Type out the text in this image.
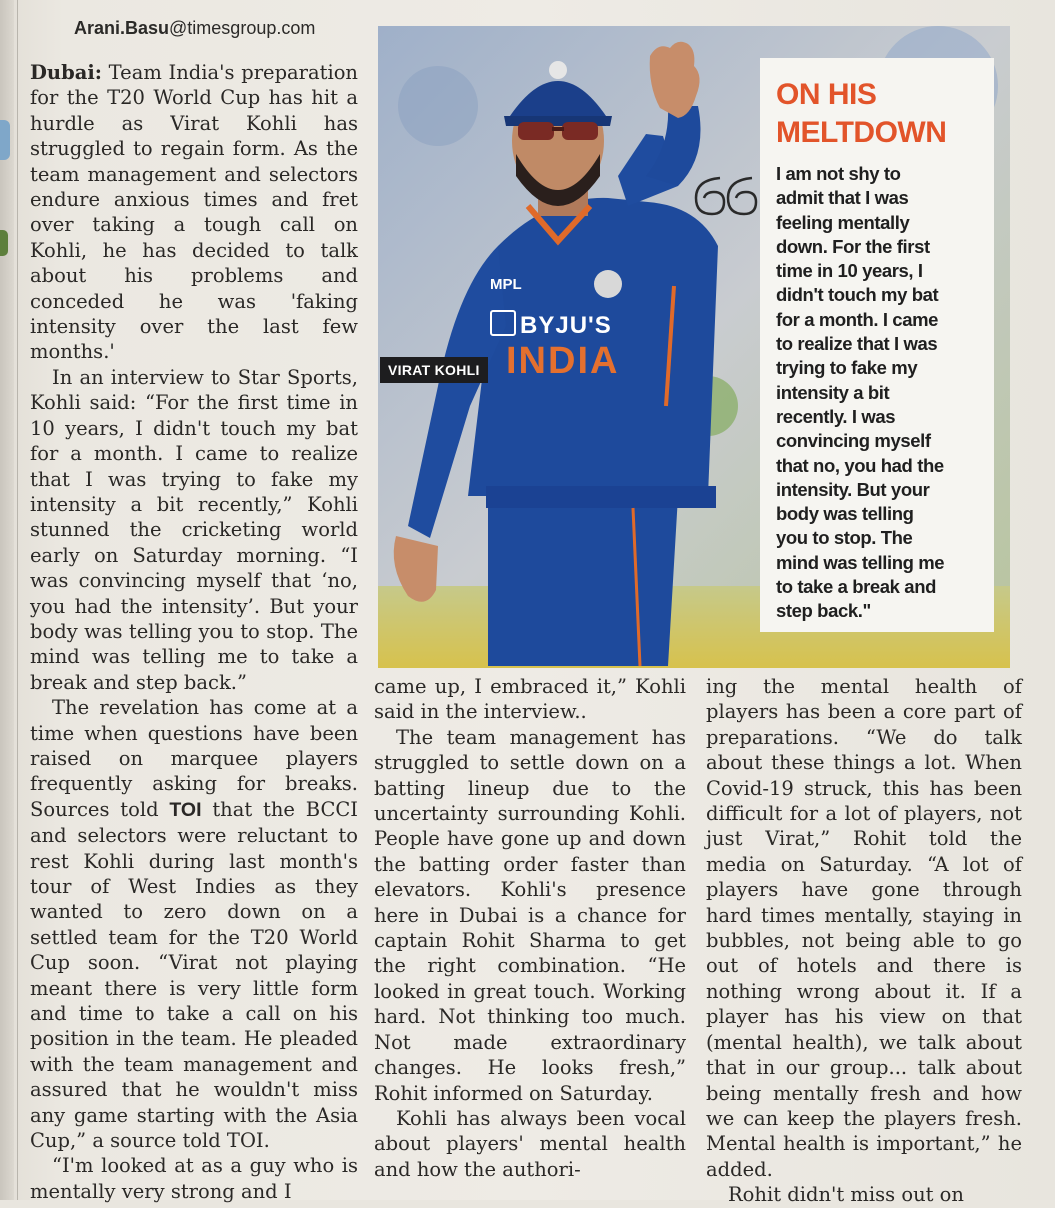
Arani.Basu@timesgroup.com

Dubai: Team India's preparation for the T20 World Cup has hit a hurdle as Virat Kohli has struggled to regain form. As the team management and selectors endure anxious times and fret over taking a tough call on Kohli, he has decided to talk about his problems and conceded he was 'faking intensity over the last few months.'

In an interview to Star Sports, Kohli said: “For the first time in 10 years, I didn't touch my bat for a month. I came to realize that I was trying to fake my intensity a bit recently,” Kohli stunned the cricketing world early on Saturday morning. “I was convincing myself that ‘no, you had the intensity’. But your body was telling you to stop. The mind was telling me to take a break and step back.”

The revelation has come at a time when questions have been raised on marquee players frequently asking for breaks. Sources told TOI that the BCCI and selectors were reluctant to rest Kohli during last month's tour of West Indies as they wanted to zero down on a settled team for the T20 World Cup soon. “Virat not playing meant there is very little form and time to take a call on his position in the team. He pleaded with the team management and assured that he wouldn't miss any game starting with the Asia Cup,” a source told TOI.

“I'm looked at as a guy who is mentally very strong and I

MPL
BYJU'S
INDIA
VIRAT KOHLI
ON HIS
MELTDOWN
I am not shy to
admit that I was
feeling mentally
down. For the first
time in 10 years, I
didn't touch my bat
for a month. I came
to realize that I was
trying to fake my
intensity a bit
recently. I was
convincing myself
that no, you had the
intensity. But your
body was telling
you to stop. The
mind was telling me
to take a break and
step back."

came up, I embraced it,” Kohli said in the interview..

The team management has struggled to settle down on a batting lineup due to the uncertainty surrounding Kohli. People have gone up and down the batting order faster than elevators. Kohli's presence here in Dubai is a chance for captain Rohit Sharma to get the right combination. “He looked in great touch. Working hard. Not thinking too much. Not made extraordinary changes. He looks fresh,” Rohit informed on Saturday.

Kohli has always been vocal about players' mental health and how the authori-

ing the mental health of players has been a core part of preparations. “We do talk about these things a lot. When Covid-19 struck, this has been difficult for a lot of players, not just Virat,” Rohit told the media on Saturday. “A lot of players have gone through hard times mentally, staying in bubbles, not being able to go out of hotels and there is nothing wrong about it. If a player has his view on that (mental health), we talk about that in our group... talk about being mentally fresh and how we can keep the players fresh. Mental health is important,” he added.

Rohit didn't miss out on
